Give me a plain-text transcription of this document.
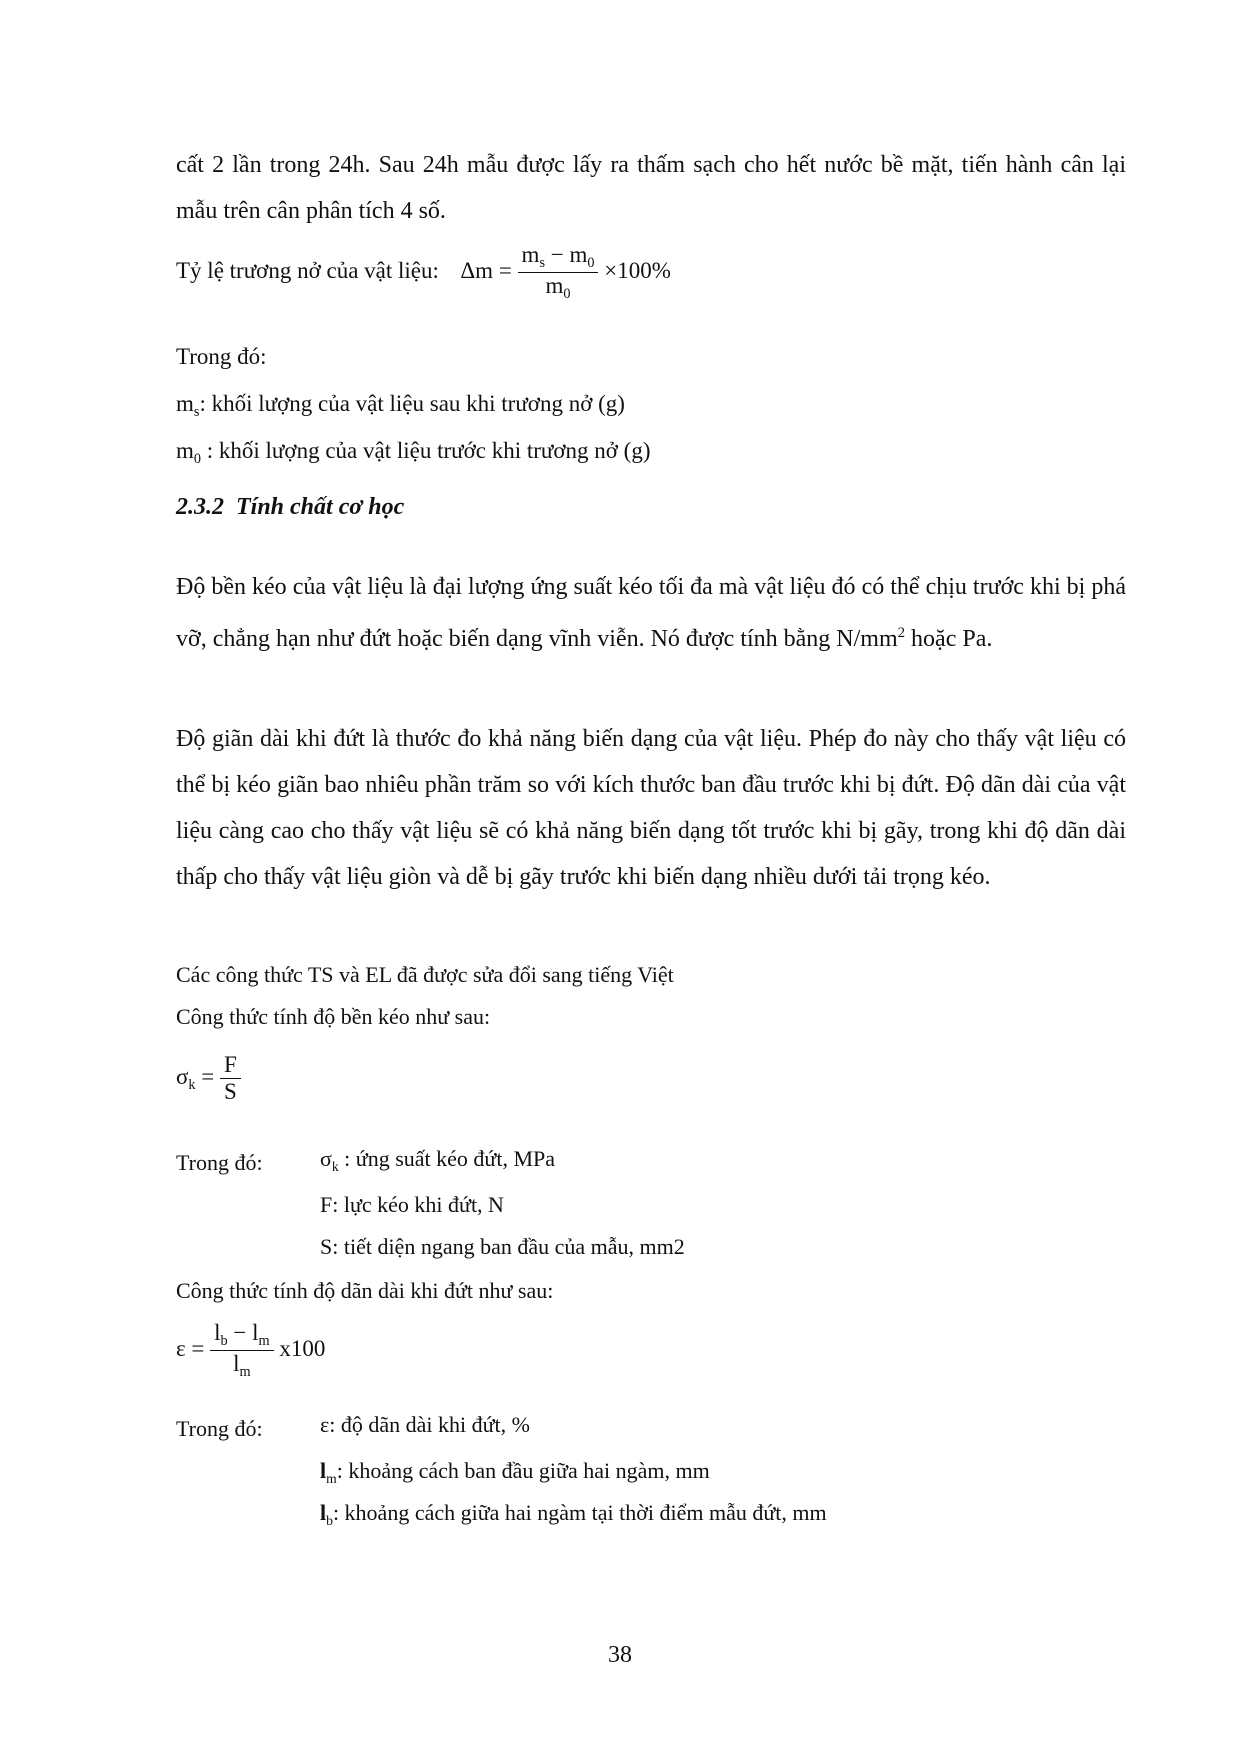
cất 2 lần trong 24h. Sau 24h mẫu được lấy ra thấm sạch cho hết nước bề mặt, tiến hành cân lại mẫu trên cân phân tích 4 số.

Tỷ lệ trương nở của vật liệu: $\Delta m = \frac{m_s - m_0}{m_0} \times 100\%$
Trong đó:
$m_s$: khối lượng của vật liệu sau khi trương nở (g)
$m_0$ : khối lượng của vật liệu trước khi trương nở (g)
2.3.2 Tính chất cơ học

Độ bền kéo của vật liệu là đại lượng ứng suất kéo tối đa mà vật liệu đó có thể chịu trước khi bị phá vỡ, chẳng hạn như đứt hoặc biến dạng vĩnh viễn. Nó được tính bằng $N/mm^2$ hoặc Pa.

Độ giãn dài khi đứt là thước đo khả năng biến dạng của vật liệu. Phép đo này cho thấy vật liệu có thể bị kéo giãn bao nhiêu phần trăm so với kích thước ban đầu trước khi bị đứt. Độ dãn dài của vật liệu càng cao cho thấy vật liệu sẽ có khả năng biến dạng tốt trước khi bị gãy, trong khi độ dãn dài thấp cho thấy vật liệu giòn và dễ bị gãy trước khi biến dạng nhiều dưới tải trọng kéo.

Các công thức TS và EL đã được sửa đổi sang tiếng Việt
Công thức tính độ bền kéo như sau:
$\sigma_k = \frac{F}{S}$
Trong đó:	$\sigma_k$ : ứng suất kéo đứt, MPa
F: lực kéo khi đứt, N
S: tiết diện ngang ban đầu của mẫu, mm2
Công thức tính độ dãn dài khi đứt như sau:
$\varepsilon = \frac{l_b - l_m}{l_m} x100$
Trong đó:	ε: độ dãn dài khi đứt, %
$l_m$: khoảng cách ban đầu giữa hai ngàm, mm
$l_b$: khoảng cách giữa hai ngàm tại thời điểm mẫu đứt, mm
38
